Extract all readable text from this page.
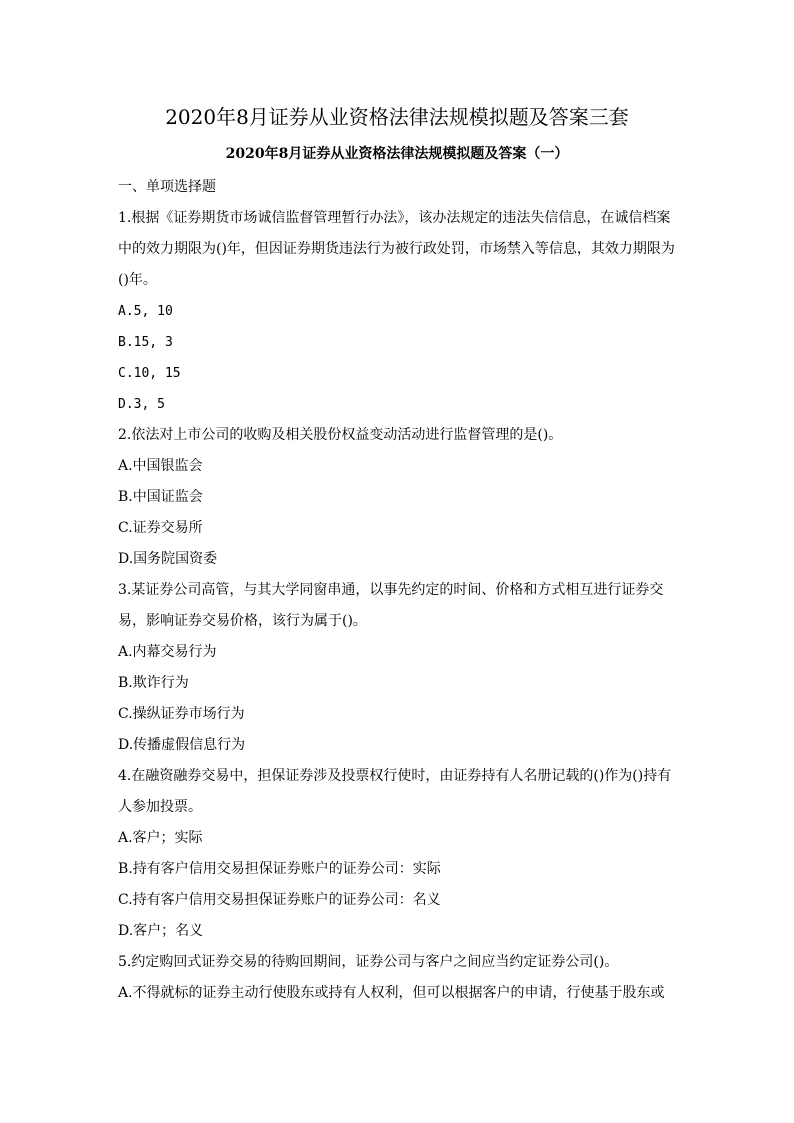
2020年8月证券从业资格法律法规模拟题及答案三套
2020年8月证券从业资格法律法规模拟题及答案（一）

一、单项选择题

1.根据《证券期货市场诚信监督管理暂行办法》，该办法规定的违法失信信息，在诚信档案中的效力期限为()年，但因证券期货违法行为被行政处罚，市场禁入等信息，其效力期限为()年。

A.5, 10

B.15, 3

C.10, 15

D.3, 5

2.依法对上市公司的收购及相关股份权益变动活动进行监督管理的是()。

A.中国银监会

B.中国证监会

C.证券交易所

D.国务院国资委

3.某证券公司高管，与其大学同窗串通，以事先约定的时间、价格和方式相互进行证券交易，影响证券交易价格，该行为属于()。

A.内幕交易行为

B.欺诈行为

C.操纵证券市场行为

D.传播虚假信息行为

4.在融资融券交易中，担保证券涉及投票权行使时，由证券持有人名册记载的()作为()持有人参加投票。

A.客户；实际

B.持有客户信用交易担保证券账户的证券公司：实际

C.持有客户信用交易担保证券账户的证券公司：名义

D.客户；名义

5.约定购回式证券交易的待购回期间，证券公司与客户之间应当约定证券公司()。

A.不得就标的证券主动行使股东或持有人权利，但可以根据客户的申请，行使基于股东或
